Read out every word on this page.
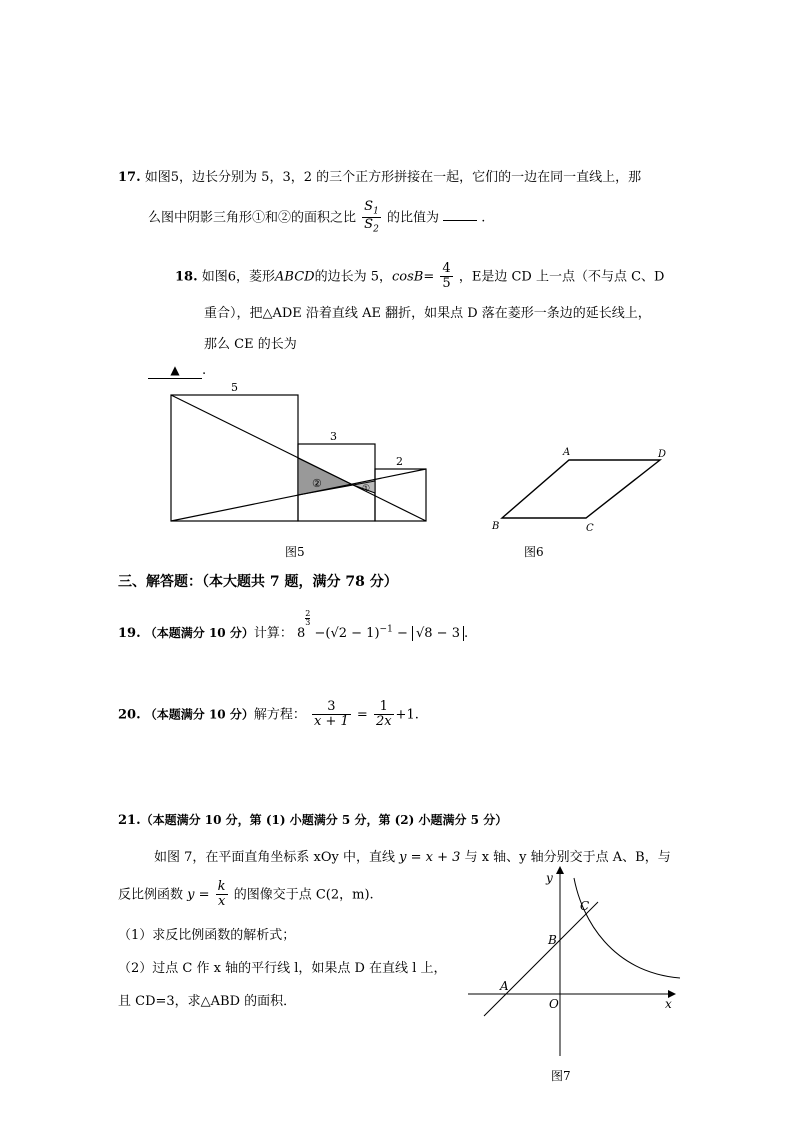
17. 如图5，边长分别为 5，3，2 的三个正方形拼接在一起，它们的一边在同一直线上，那
么图中阴影三角形①和②的面积之比 $\frac{S_1}{S_2}$ 的比值为	.
18. 如图6，菱形ABCD的边长为 5，$\cos B= \frac{4}{5}$ ，E是边 CD 上一点（不与点 C、D
重合），把△ADE 沿着直线 AE 翻折，如果点 D 落在菱形一条边的延长线上，
那么 CE 的长为
▲ .
5
3
2
②	①
图5
A	D
B	C
图6
三、解答题：（本大题共 7 题，满分 78 分）
19. （本题满分 10 分）计算： 8
$\frac{2}{3}$
$-(√2 - 1)^{-1} - √8 - 3$ .
20. （本题满分 10 分）解方程： $\frac{3}{x + 1} = \frac{1}{2x} +1$.
21.（本题满分 10 分，第 (1) 小题满分 5 分，第 (2) 小题满分 5 分）
如图 7，在平面直角坐标系 xOy 中，直线 y = x + 3 与 x 轴、y 轴分别交于点 A、B，与
反比例函数 $y = \frac{k}{x}$ 的图像交于点 C(2，m).
（1）求反比例函数的解析式；
（2）过点 C 作 x 轴的平行线 l，如果点 D 在直线 l 上，
且 CD=3，求△ABD 的面积．
y
x
O
A
B
C
图7
